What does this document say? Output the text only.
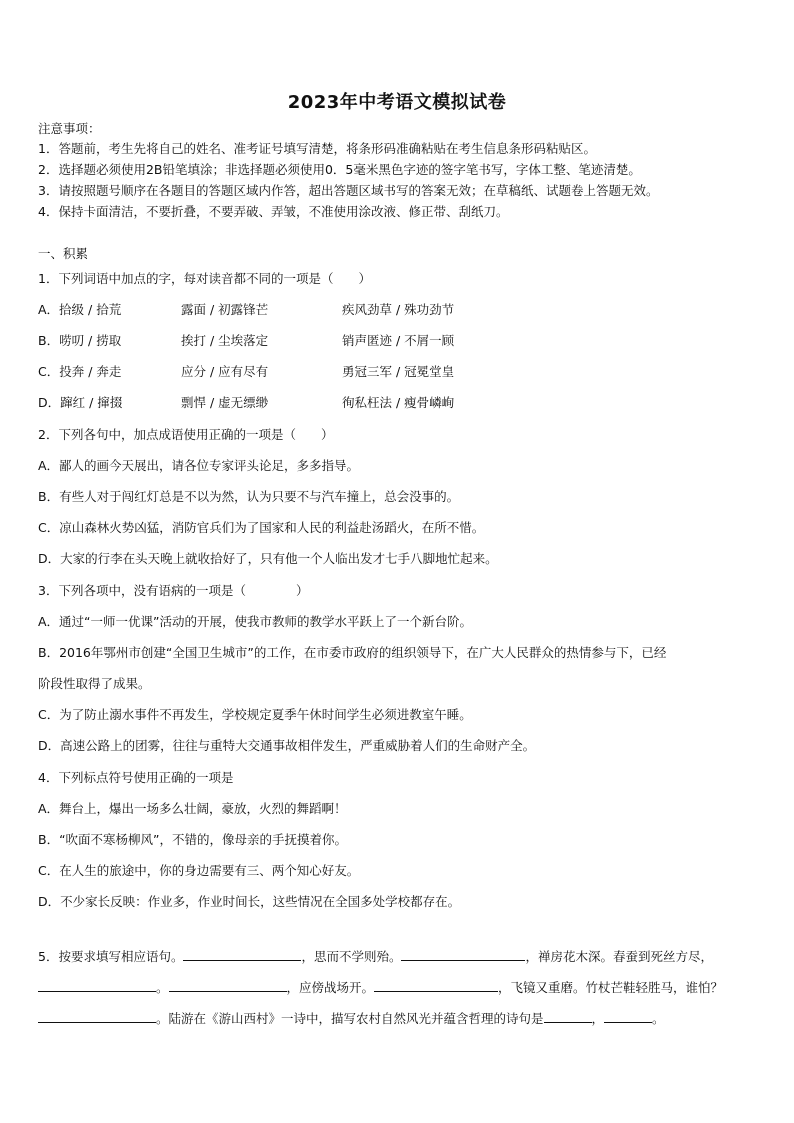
2023年中考语文模拟试卷
注意事项：
1．答题前，考生先将自己的姓名、准考证号填写清楚，将条形码准确粘贴在考生信息条形码粘贴区。
2．选择题必须使用2B铅笔填涂；非选择题必须使用0．5毫米黑色字迹的签字笔书写，字体工整、笔迹清楚。
3．请按照题号顺序在各题目的答题区域内作答，超出答题区域书写的答案无效；在草稿纸、试题卷上答题无效。
4．保持卡面清洁，不要折叠，不要弄破、弄皱，不准使用涂改液、修正带、刮纸刀。
一、积累
1．下列词语中加点的字，每对读音都不同的一项是（　　）
A．拾级 / 拾荒	露面 / 初露锋芒	疾风劲草 / 殊功劲节
B．唠叨 / 捞取	挨打 / 尘埃落定	销声匿迹 / 不屑一顾
C．投奔 / 奔走	应分 / 应有尽有	勇冠三军 / 冠冕堂皇
D．蹿红 / 撺掇	剽悍 / 虚无缥缈	徇私枉法 / 瘦骨嶙峋
2．下列各句中，加点成语使用正确的一项是（　　）
A．鄙人的画今天展出，请各位专家评头论足，多多指导。
B．有些人对于闯红灯总是不以为然，认为只要不与汽车撞上，总会没事的。
C．凉山森林火势凶猛，消防官兵们为了国家和人民的利益赴汤蹈火，在所不惜。
D．大家的行李在头天晚上就收拾好了，只有他一个人临出发才七手八脚地忙起来。
3．下列各项中，没有语病的一项是（　　　　）
A．通过“一师一优课”活动的开展，使我市教师的教学水平跃上了一个新台阶。
B．2016年鄂州市创建“全国卫生城市”的工作，在市委市政府的组织领导下，在广大人民群众的热情参与下，已经
阶段性取得了成果。
C．为了防止溺水事件不再发生，学校规定夏季午休时间学生必须进教室午睡。
D．高速公路上的团雾，往往与重特大交通事故相伴发生，严重威胁着人们的生命财产全。
4．下列标点符号使用正确的一项是
A．舞台上，爆出一场多么壮阔，豪放，火烈的舞蹈啊！
B．“吹面不寒杨柳风”，不错的，像母亲的手抚摸着你。
C．在人生的旅途中，你的身边需要有三、两个知心好友。
D．不少家长反映：作业多，作业时间长，这些情况在全国多处学校都存在。
5．按要求填写相应语句。	，思而不学则殆。	，禅房花木深。春蚕到死丝方尽，
。	，应傍战场开。	，飞镜又重磨。竹杖芒鞋轻胜马，谁怕？
。陆游在《游山西村》一诗中，描写农村自然风光并蕴含哲理的诗句是	，	。
